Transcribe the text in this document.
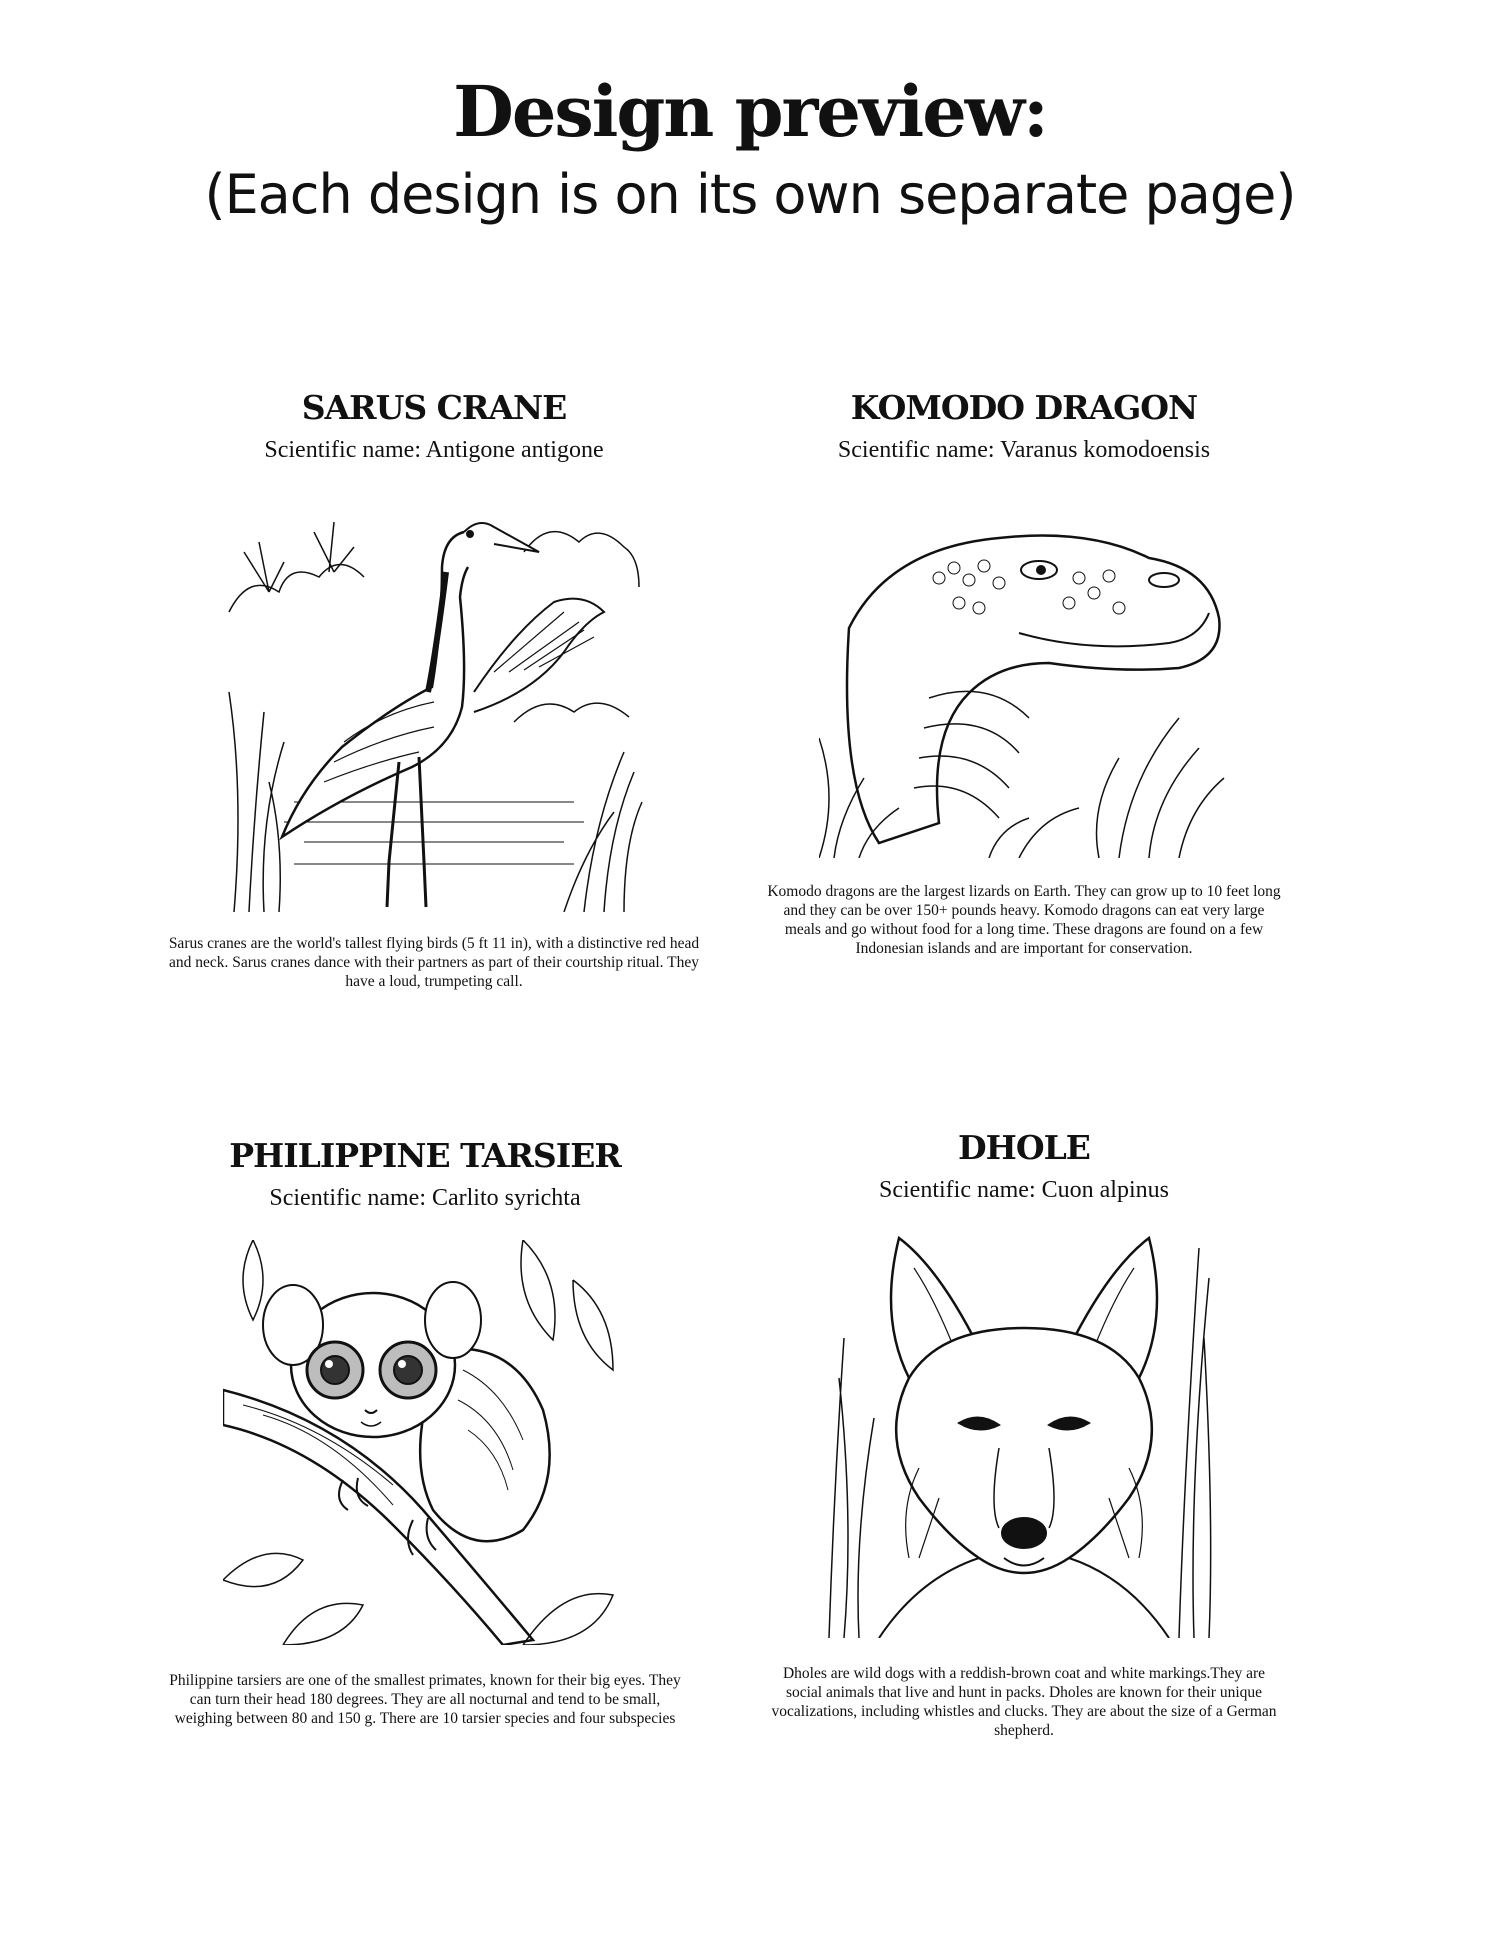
Design preview:
(Each design is on its own separate page)
SARUS CRANE
Scientific name: Antigone antigone
Sarus cranes are the world's tallest flying birds (5 ft 11 in), with a distinctive red head and neck. Sarus cranes dance with their partners as part of their courtship ritual. They have a loud, trumpeting call.
KOMODO DRAGON
Scientific name: Varanus komodoensis
Komodo dragons are the largest lizards on Earth. They can grow up to 10 feet long and they can be over 150+ pounds heavy. Komodo dragons can eat very large meals and go without food for a long time. These dragons are found on a few Indonesian islands and are important for conservation.
PHILIPPINE TARSIER
Scientific name: Carlito syrichta
Philippine tarsiers are one of the smallest primates, known for their big eyes. They can turn their head 180 degrees. They are all nocturnal and tend to be small, weighing between 80 and 150 g. There are 10 tarsier species and four subspecies
DHOLE
Scientific name: Cuon alpinus
Dholes are wild dogs with a reddish-brown coat and white markings.They are social animals that live and hunt in packs. Dholes are known for their unique vocalizations, including whistles and clucks. They are about the size of a German shepherd.
